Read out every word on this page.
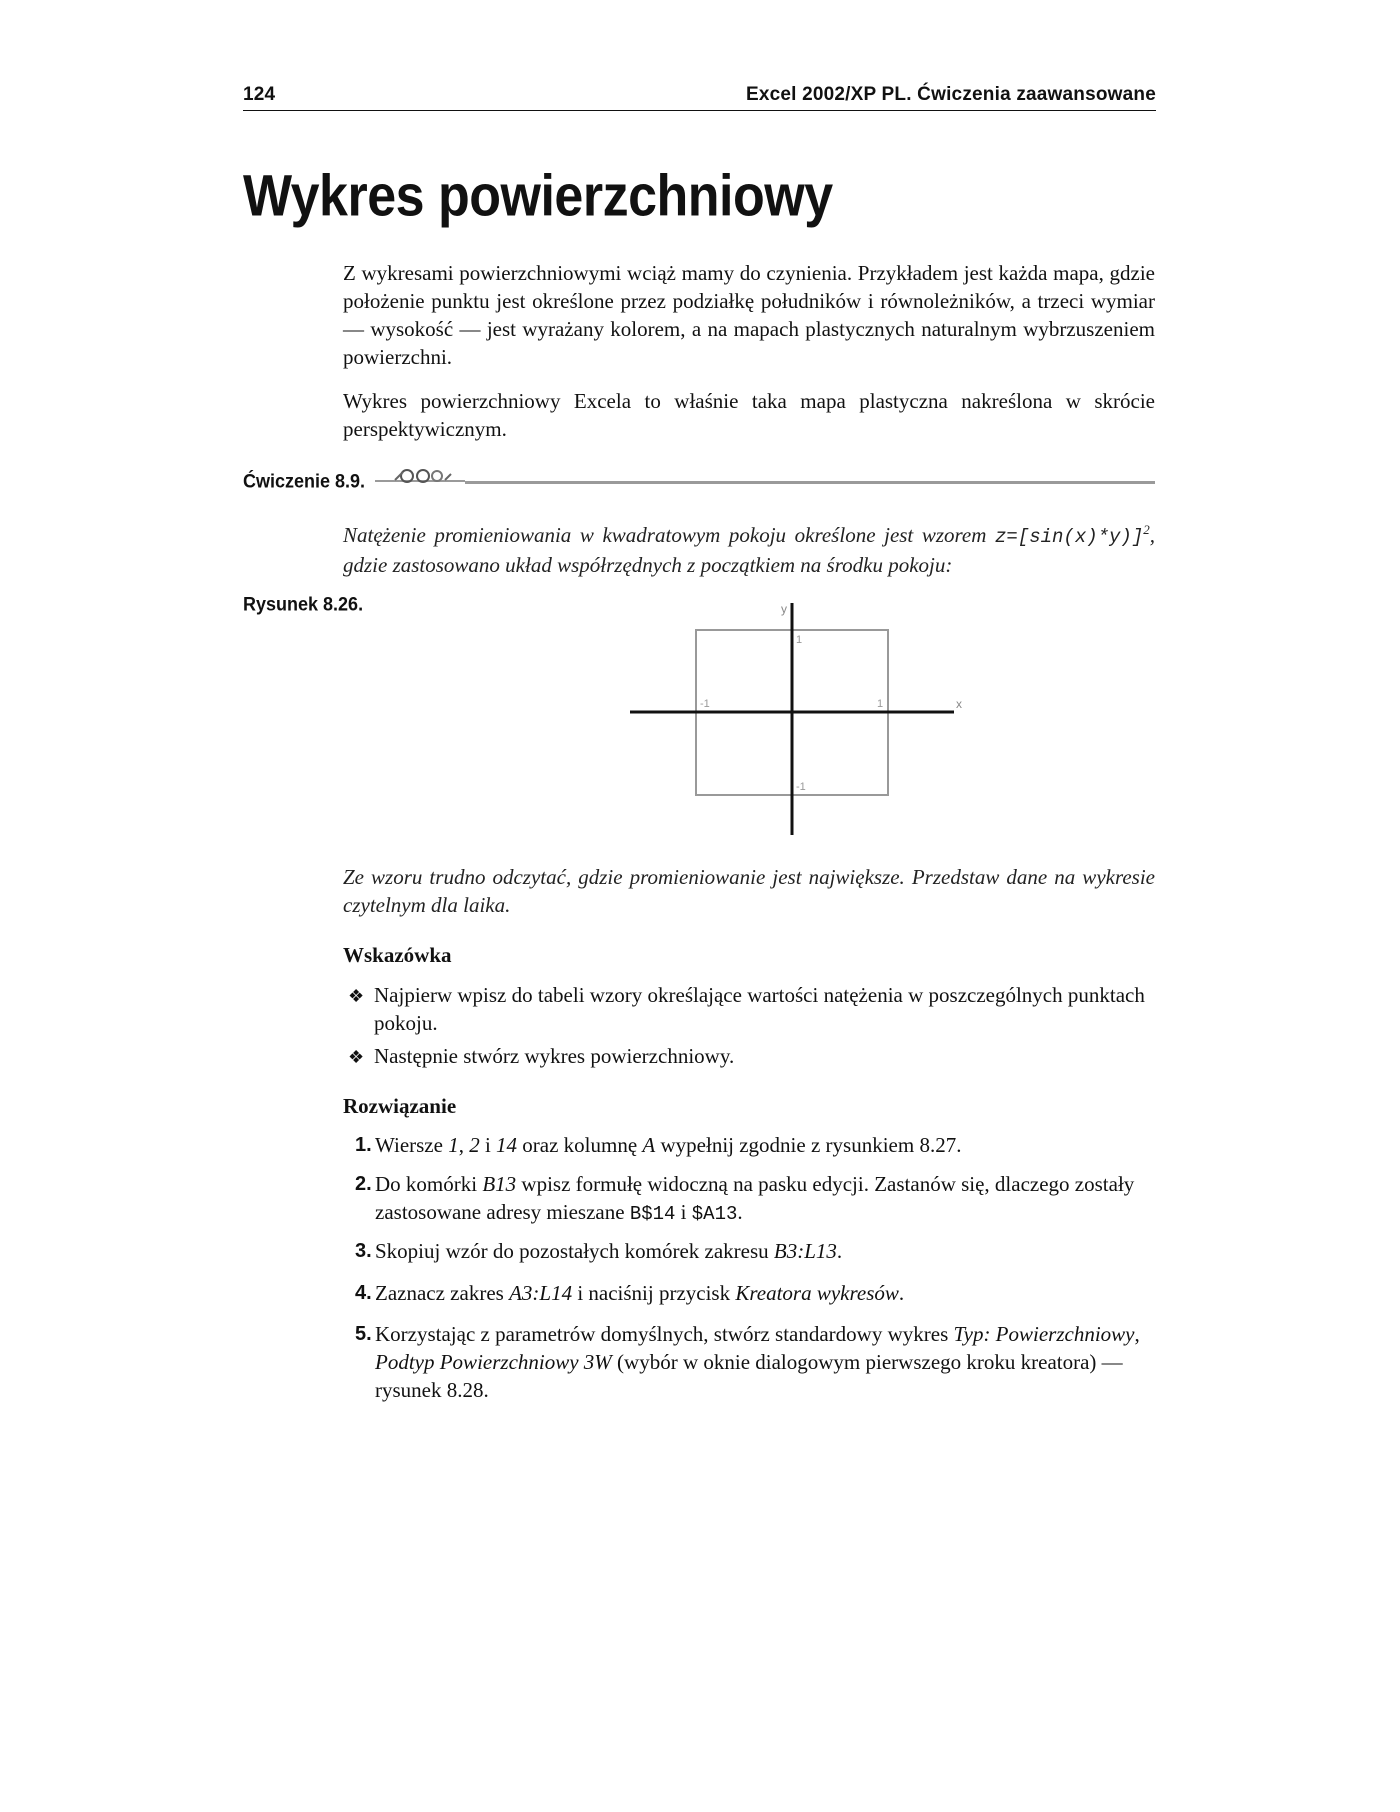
124	Excel 2002/XP PL. Ćwiczenia zaawansowane
Wykres powierzchniowy

Z wykresami powierzchniowymi wciąż mamy do czynienia. Przykładem jest każda mapa, gdzie położenie punktu jest określone przez podziałkę południków i równoleżników, a trzeci wymiar — wysokość — jest wyrażany kolorem, a na mapach plastycznych naturalnym wybrzuszeniem powierzchni.

Wykres powierzchniowy Excela to właśnie taka mapa plastyczna nakreślona w skrócie perspektywicznym.

Ćwiczenie 8.9.

Natężenie promieniowania w kwadratowym pokoju określone jest wzorem $z=[\sin(x)*y)]^2$, gdzie zastosowano układ współrzędnych z początkiem na środku pokoju:

Rysunek 8.26.
x
y
-1	1
1
-1

Ze wzoru trudno odczytać, gdzie promieniowanie jest największe. Przedstaw dane na wykresie czytelnym dla laika.

Wskazówka
❖ Najpierw wpisz do tabeli wzory określające wartości natężenia w poszczególnych punktach pokoju.
❖ Następnie stwórz wykres powierzchniowy.
Rozwiązanie
1. Wiersze 1, 2 i 14 oraz kolumnę A wypełnij zgodnie z rysunkiem 8.27.
2. Do komórki B13 wpisz formułę widoczną na pasku edycji. Zastanów się, dlaczego zostały zastosowane adresy mieszane B$14 i $A13.
3. Skopiuj wzór do pozostałych komórek zakresu B3:L13.
4. Zaznacz zakres A3:L14 i naciśnij przycisk Kreatora wykresów.
5. Korzystając z parametrów domyślnych, stwórz standardowy wykres Typ: Powierzchniowy, Podtyp Powierzchniowy 3W (wybór w oknie dialogowym pierwszego kroku kreatora) — rysunek 8.28.
